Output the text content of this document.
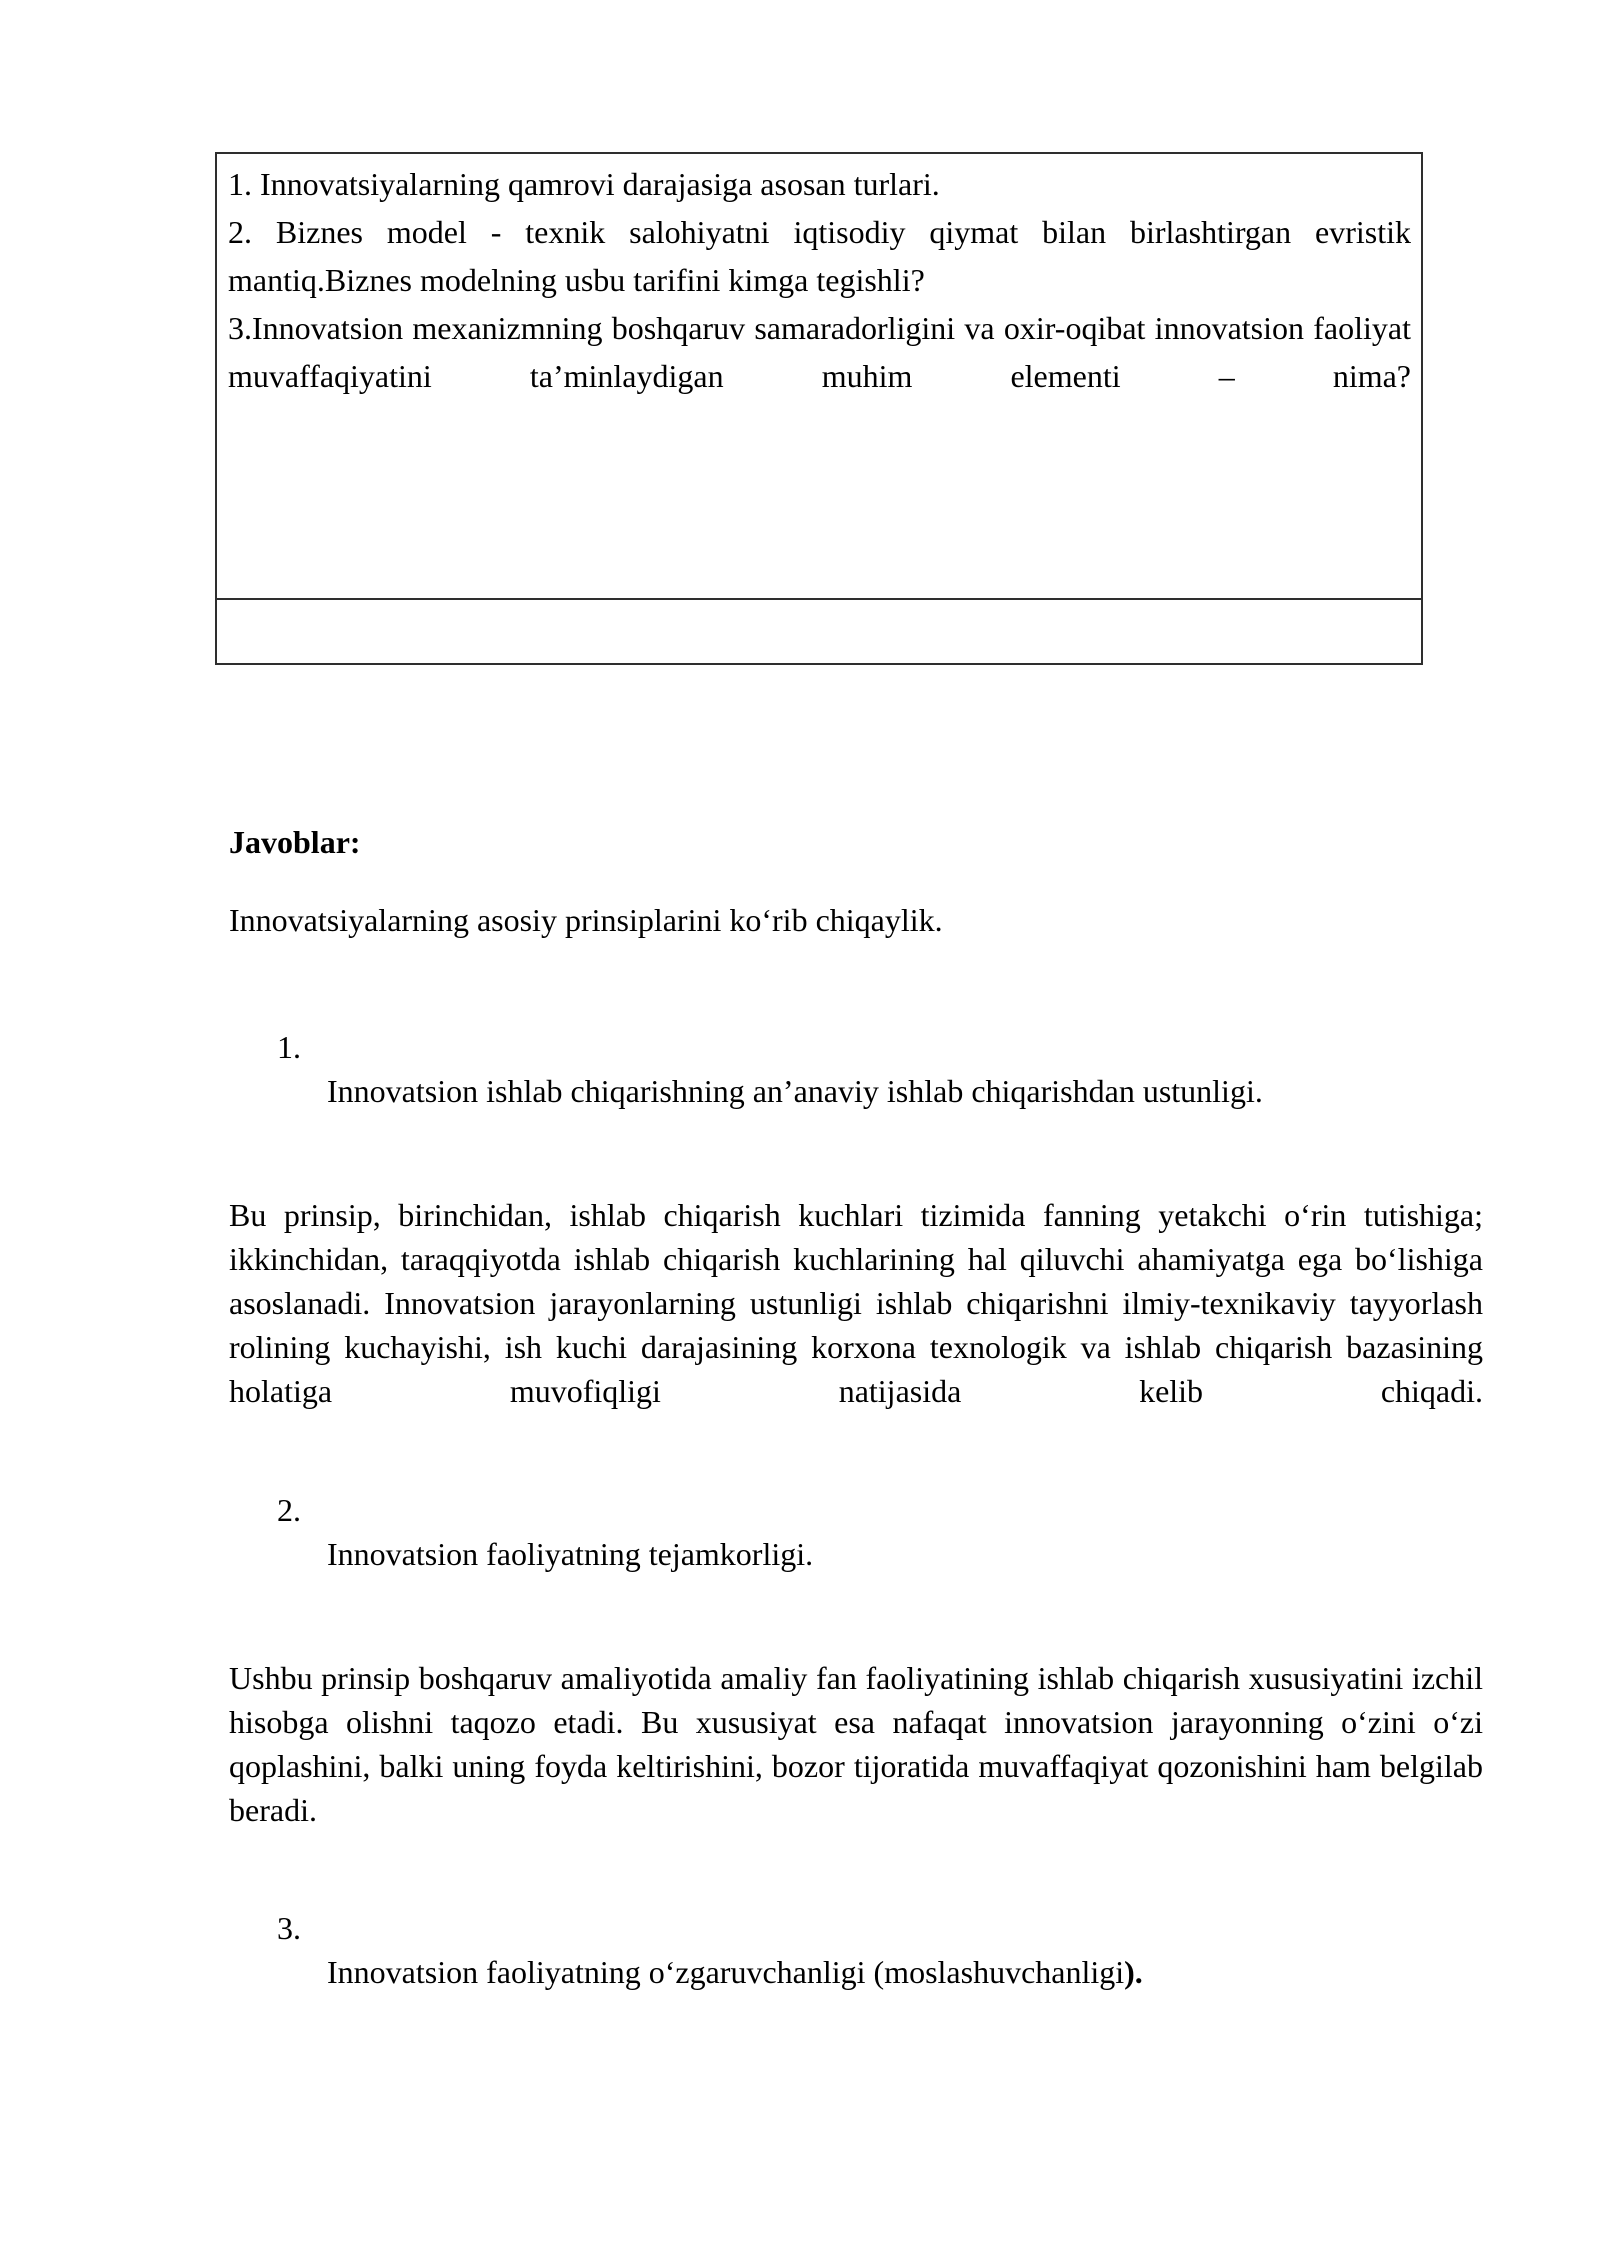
1. Innovatsiyalarning qamrovi darajasiga asosan turlari.

2. Biznes model - texnik salohiyatni iqtisodiy qiymat bilan birlashtirgan evristik mantiq.Biznes modelning usbu tarifini kimga tegishli?

3.Innovatsion mexanizmning boshqaruv samaradorligini va oxir-oqibat innovatsion faoliyat muvaffaqiyatini ta’minlaydigan muhim elementi – nima?

Javoblar:

Innovatsiyalarning asosiy prinsiplarini koʻrib chiqaylik.

1.

Innovatsion ishlab chiqarishning an’anaviy ishlab chiqarishdan ustunligi.

Bu prinsip, birinchidan, ishlab chiqarish kuchlari tizimida fanning yetakchi oʻrin tutishiga; ikkinchidan, taraqqiyotda ishlab chiqarish kuchlarining hal qiluvchi ahamiyatga ega boʻlishiga asoslanadi. Innovatsion jarayonlarning ustunligi ishlab chiqarishni ilmiy-texnikaviy tayyorlash rolining kuchayishi, ish kuchi darajasining korxona texnologik va ishlab chiqarish bazasining holatiga muvofiqligi natijasida kelib chiqadi.

2.

Innovatsion faoliyatning tejamkorligi.

Ushbu prinsip boshqaruv amaliyotida amaliy fan faoliyatining ishlab chiqarish xususiyatini izchil hisobga olishni taqozo etadi. Bu xususiyat esa nafaqat innovatsion jarayonning oʻzini oʻzi qoplashini, balki uning foyda keltirishini, bozor tijoratida muvaffaqiyat qozonishini ham belgilab beradi.

3.

Innovatsion faoliyatning oʻzgaruvchanligi (moslashuvchanligi).
